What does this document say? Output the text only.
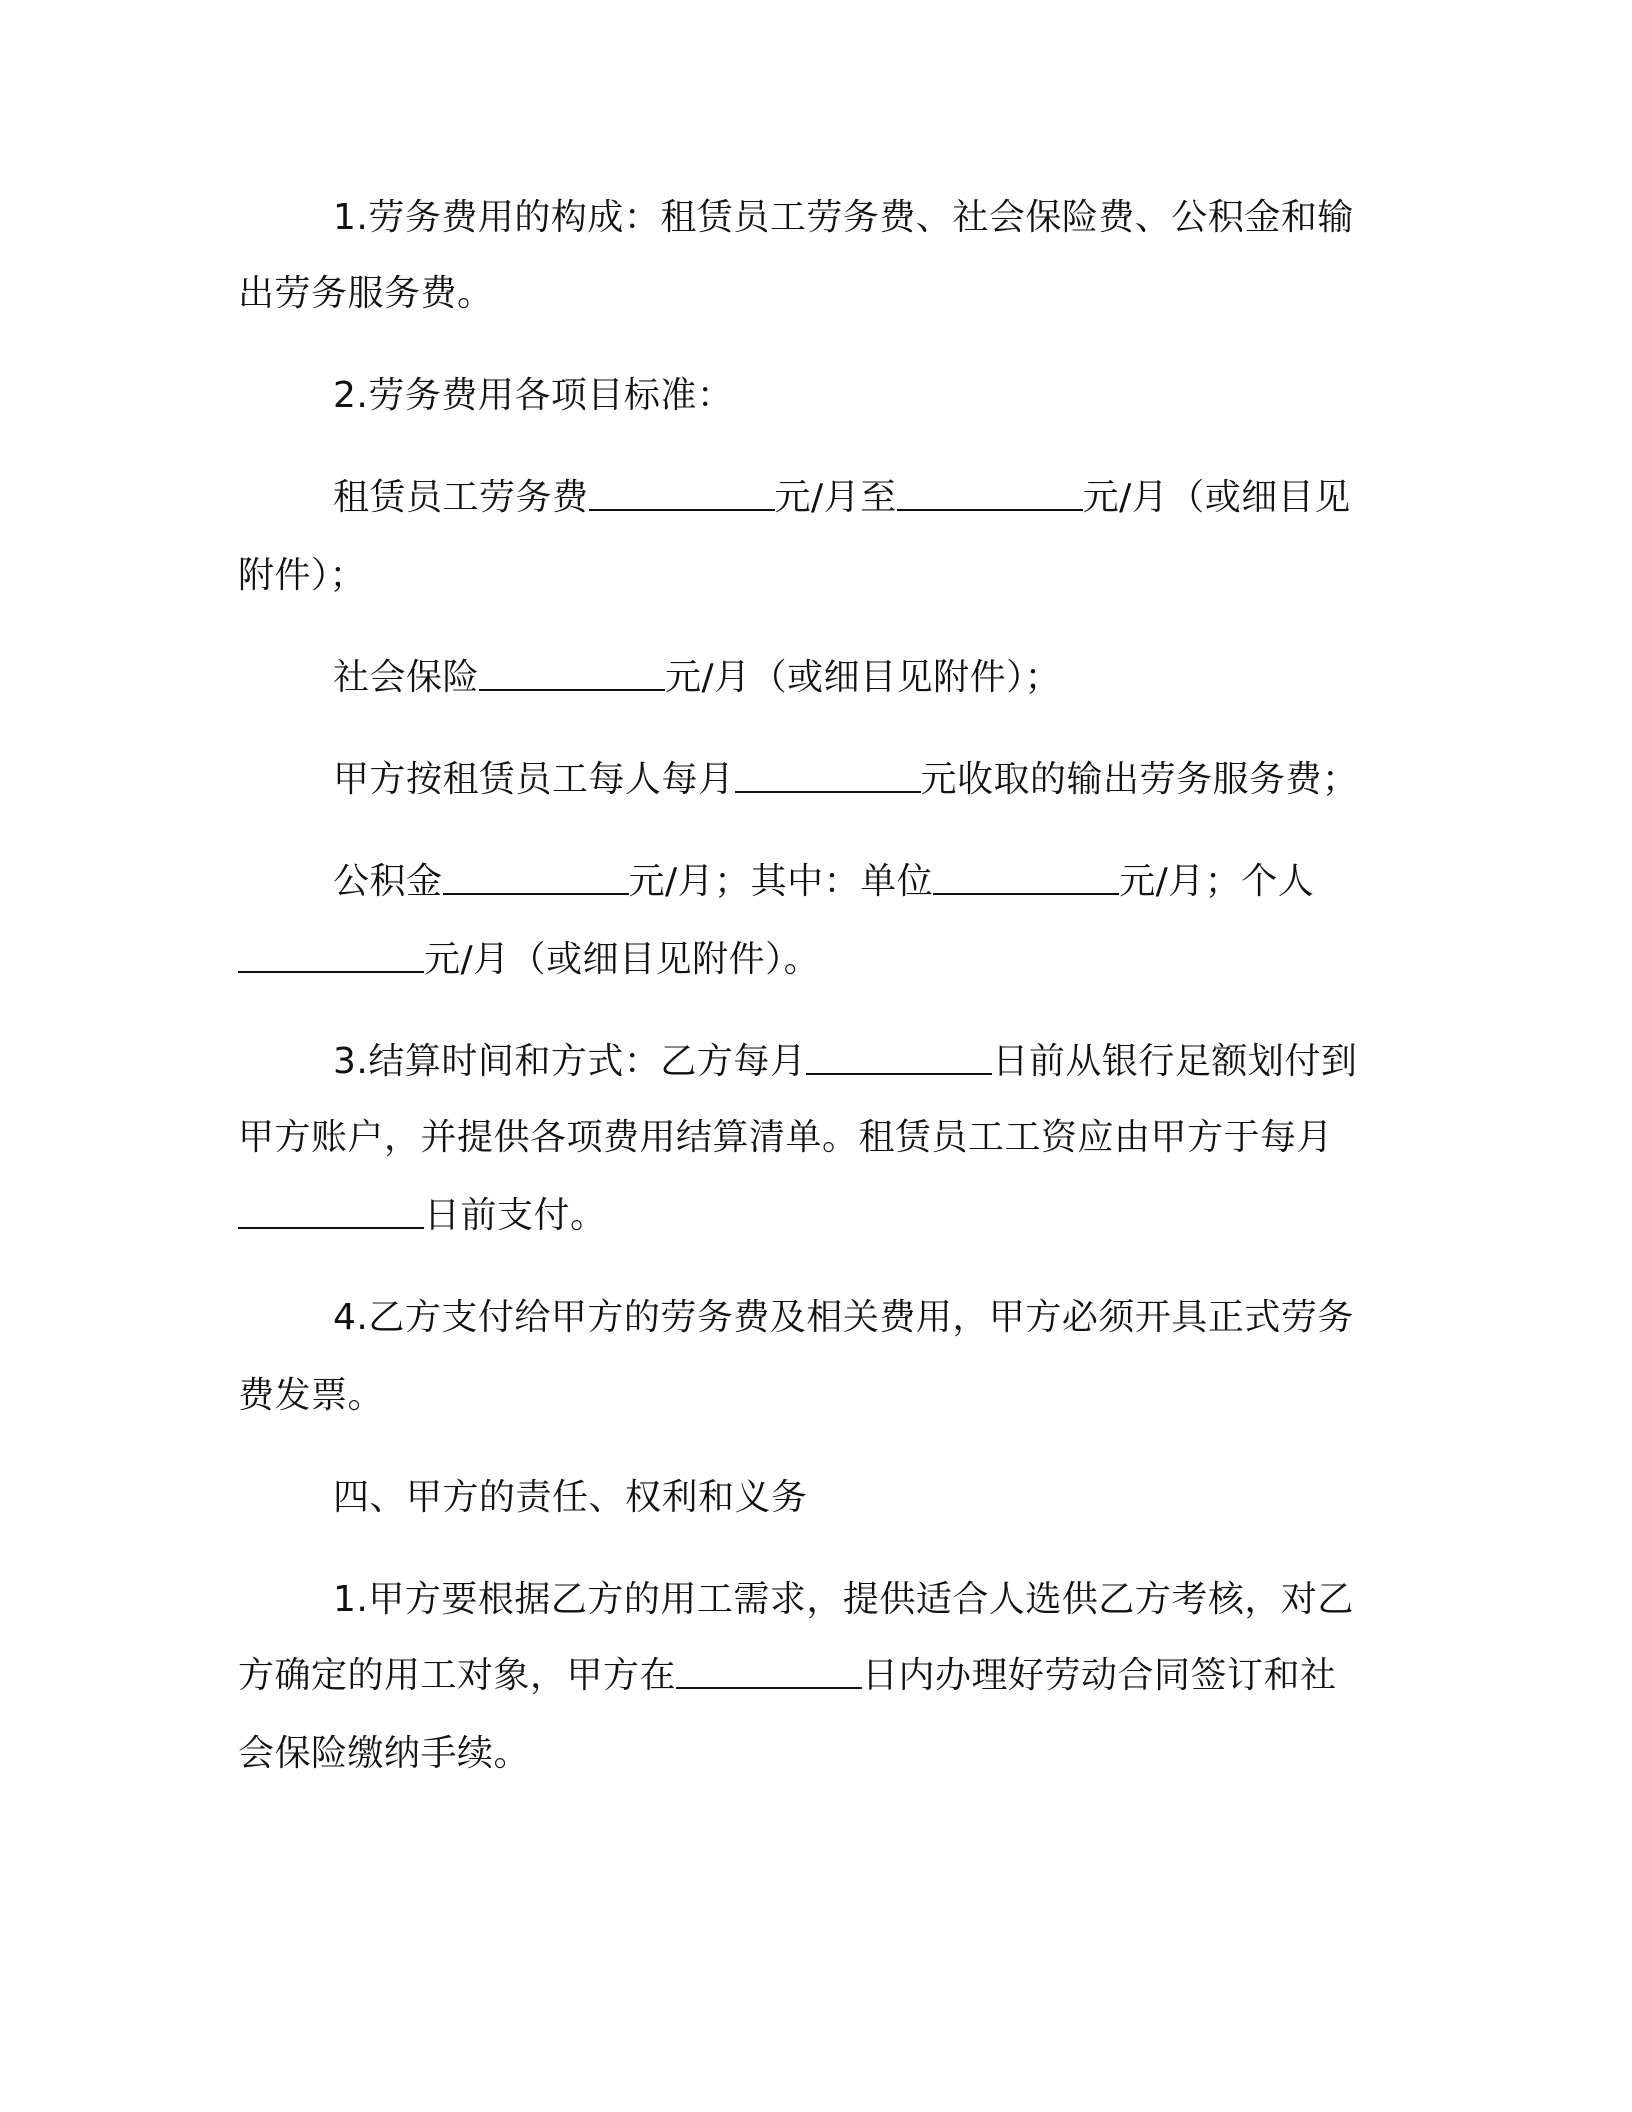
1.劳务费用的构成：租赁员工劳务费、社会保险费、公积金和输
出劳务服务费。
2.劳务费用各项目标准：
租赁员工劳务费	元/月至	元/月（或细目见
附件）；
社会保险	元/月（或细目见附件）；
甲方按租赁员工每人每月	元收取的输出劳务服务费；
公积金	元/月；其中：单位	元/月；个人
元/月（或细目见附件）。
3.结算时间和方式：乙方每月	日前从银行足额划付到
甲方账户，并提供各项费用结算清单。租赁员工工资应由甲方于每月
日前支付。
4.乙方支付给甲方的劳务费及相关费用，甲方必须开具正式劳务
费发票。
四、甲方的责任、权利和义务
1.甲方要根据乙方的用工需求，提供适合人选供乙方考核，对乙
方确定的用工对象，甲方在	日内办理好劳动合同签订和社
会保险缴纳手续。
